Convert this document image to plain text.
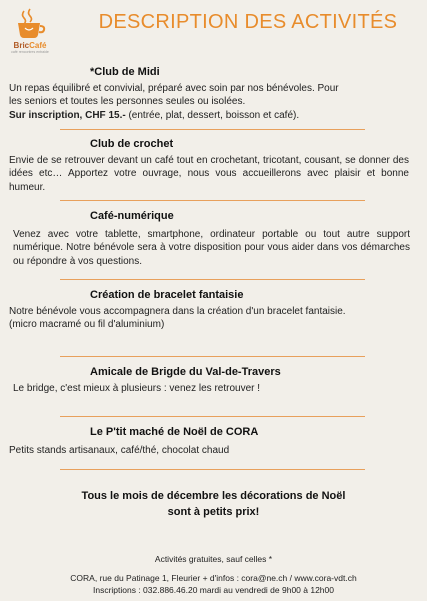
BricCafé
café rencontres entraide
DESCRIPTION DES ACTIVITÉS
*Club de Midi
Un repas équilibré et convivial, préparé avec soin par nos bénévoles. Pour
les seniors et toutes les personnes seules ou isolées.
Sur inscription, CHF 15.- (entrée, plat, dessert, boisson et café).
Club de crochet
Envie de se retrouver devant un café tout en crochetant, tricotant, cousant, se donner des idées etc… Apportez votre ouvrage, nous vous accueillerons avec plaisir et bonne humeur.
Café-numérique
Venez avec votre tablette, smartphone, ordinateur portable ou tout autre support numérique. Notre bénévole sera à votre disposition pour vous aider dans vos démarches ou répondre à vos questions.
Création de bracelet fantaisie
Notre bénévole vous accompagnera dans la création d'un bracelet fantaisie.
(micro macramé ou fil d'aluminium)
Amicale de Brigde du Val-de-Travers
Le bridge, c'est mieux à plusieurs : venez les retrouver !
Le P'tit maché de Noël de CORA
Petits stands artisanaux, café/thé, chocolat chaud
Tous le mois de décembre les décorations de Noël
sont à petits prix!
Activités gratuites, sauf celles *
CORA, rue du Patinage 1, Fleurier + d'infos : cora@ne.ch / www.cora-vdt.ch
Inscriptions : 032.886.46.20 mardi au vendredi de 9h00 à 12h00
